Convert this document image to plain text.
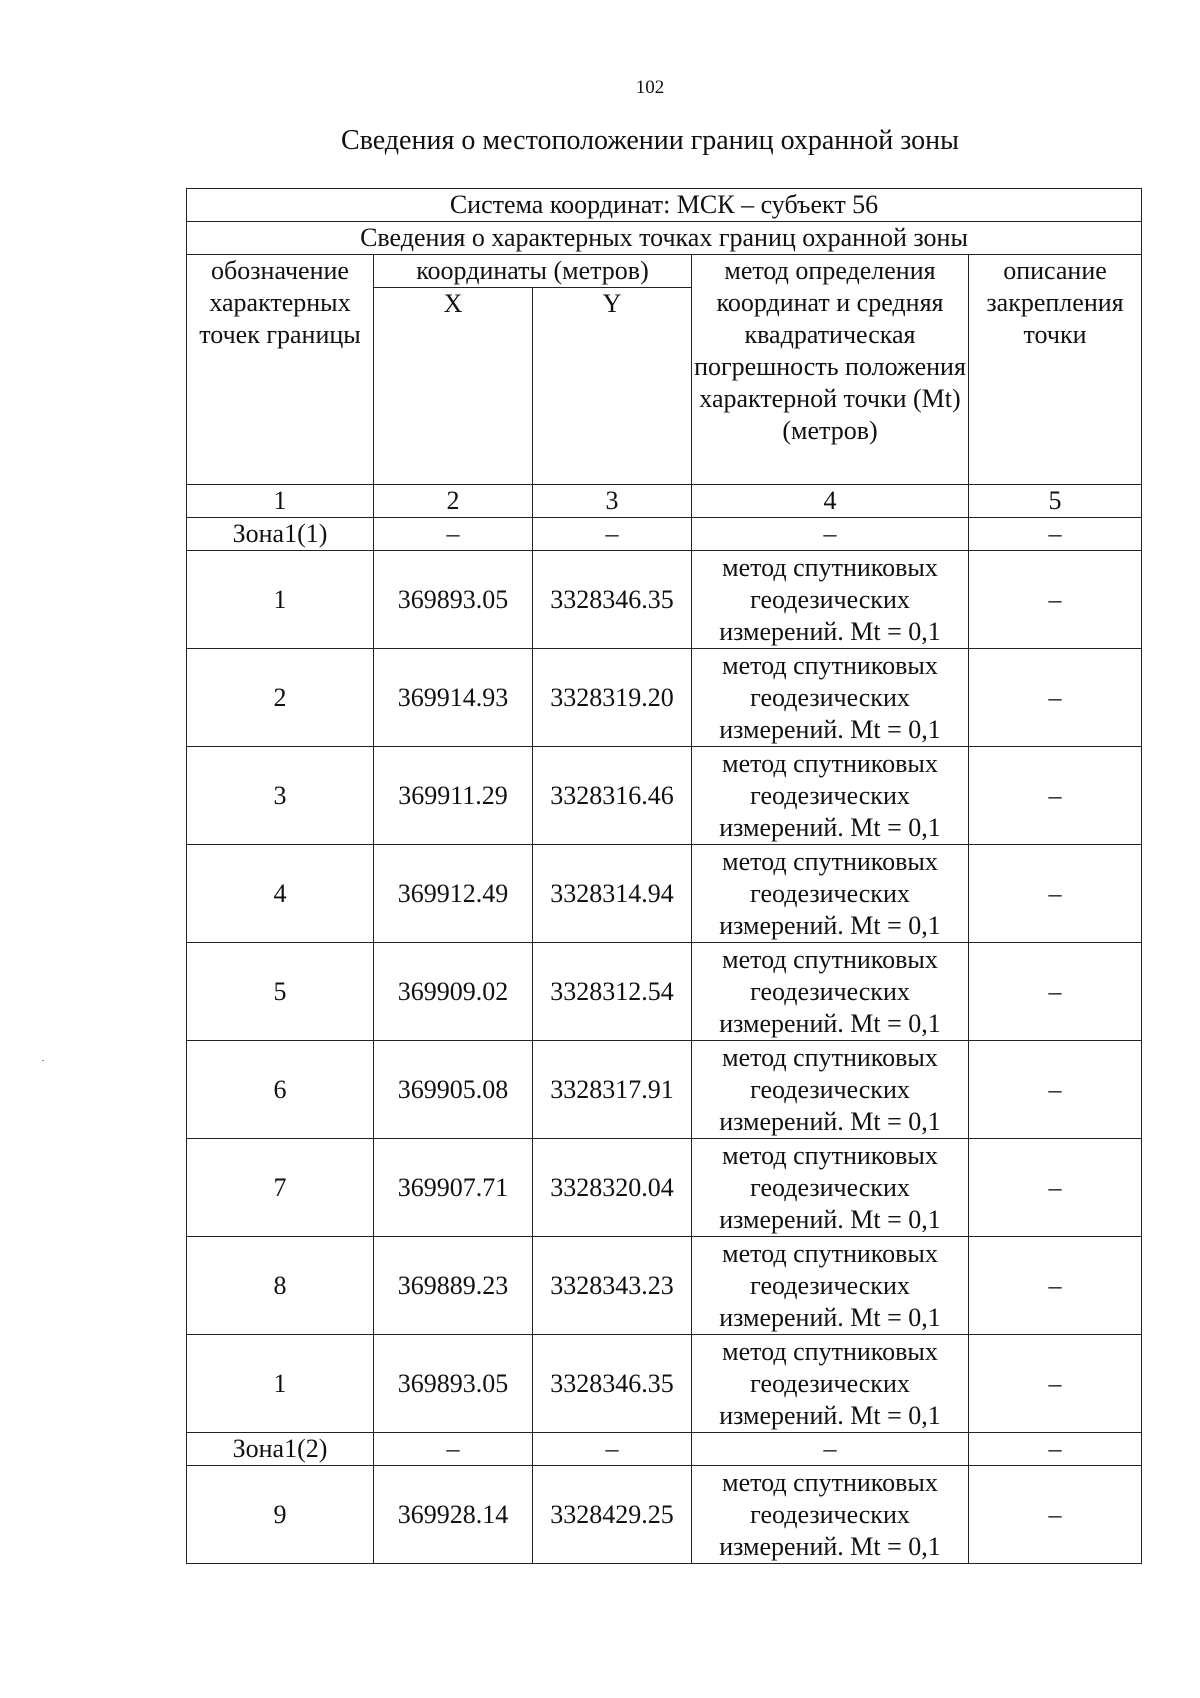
102
Сведения о местоположении границ охранной зоны
Система координат: МСК – субъект 56				
Сведения о характерных точках границ охранной зоны				
обозначение характерных точек границы	координаты (метров)		метод определения координат и средняя квадратическая погрешность положения характерной точки (Mt) (метров)	описание закрепления точки
	X	Y		
1	2	3	4	5
Зона1(1)	–	–	–	–
1	369893.05	3328346.35	метод спутниковых геодезических измерений. Mt = 0,1	–
2	369914.93	3328319.20	метод спутниковых геодезических измерений. Mt = 0,1	–
3	369911.29	3328316.46	метод спутниковых геодезических измерений. Mt = 0,1	–
4	369912.49	3328314.94	метод спутниковых геодезических измерений. Mt = 0,1	–
5	369909.02	3328312.54	метод спутниковых геодезических измерений. Mt = 0,1	–
6	369905.08	3328317.91	метод спутниковых геодезических измерений. Mt = 0,1	–
7	369907.71	3328320.04	метод спутниковых геодезических измерений. Mt = 0,1	–
8	369889.23	3328343.23	метод спутниковых геодезических измерений. Mt = 0,1	–
1	369893.05	3328346.35	метод спутниковых геодезических измерений. Mt = 0,1	–
Зона1(2)	–	–	–	–
9	369928.14	3328429.25	метод спутниковых геодезических измерений. Mt = 0,1	–
